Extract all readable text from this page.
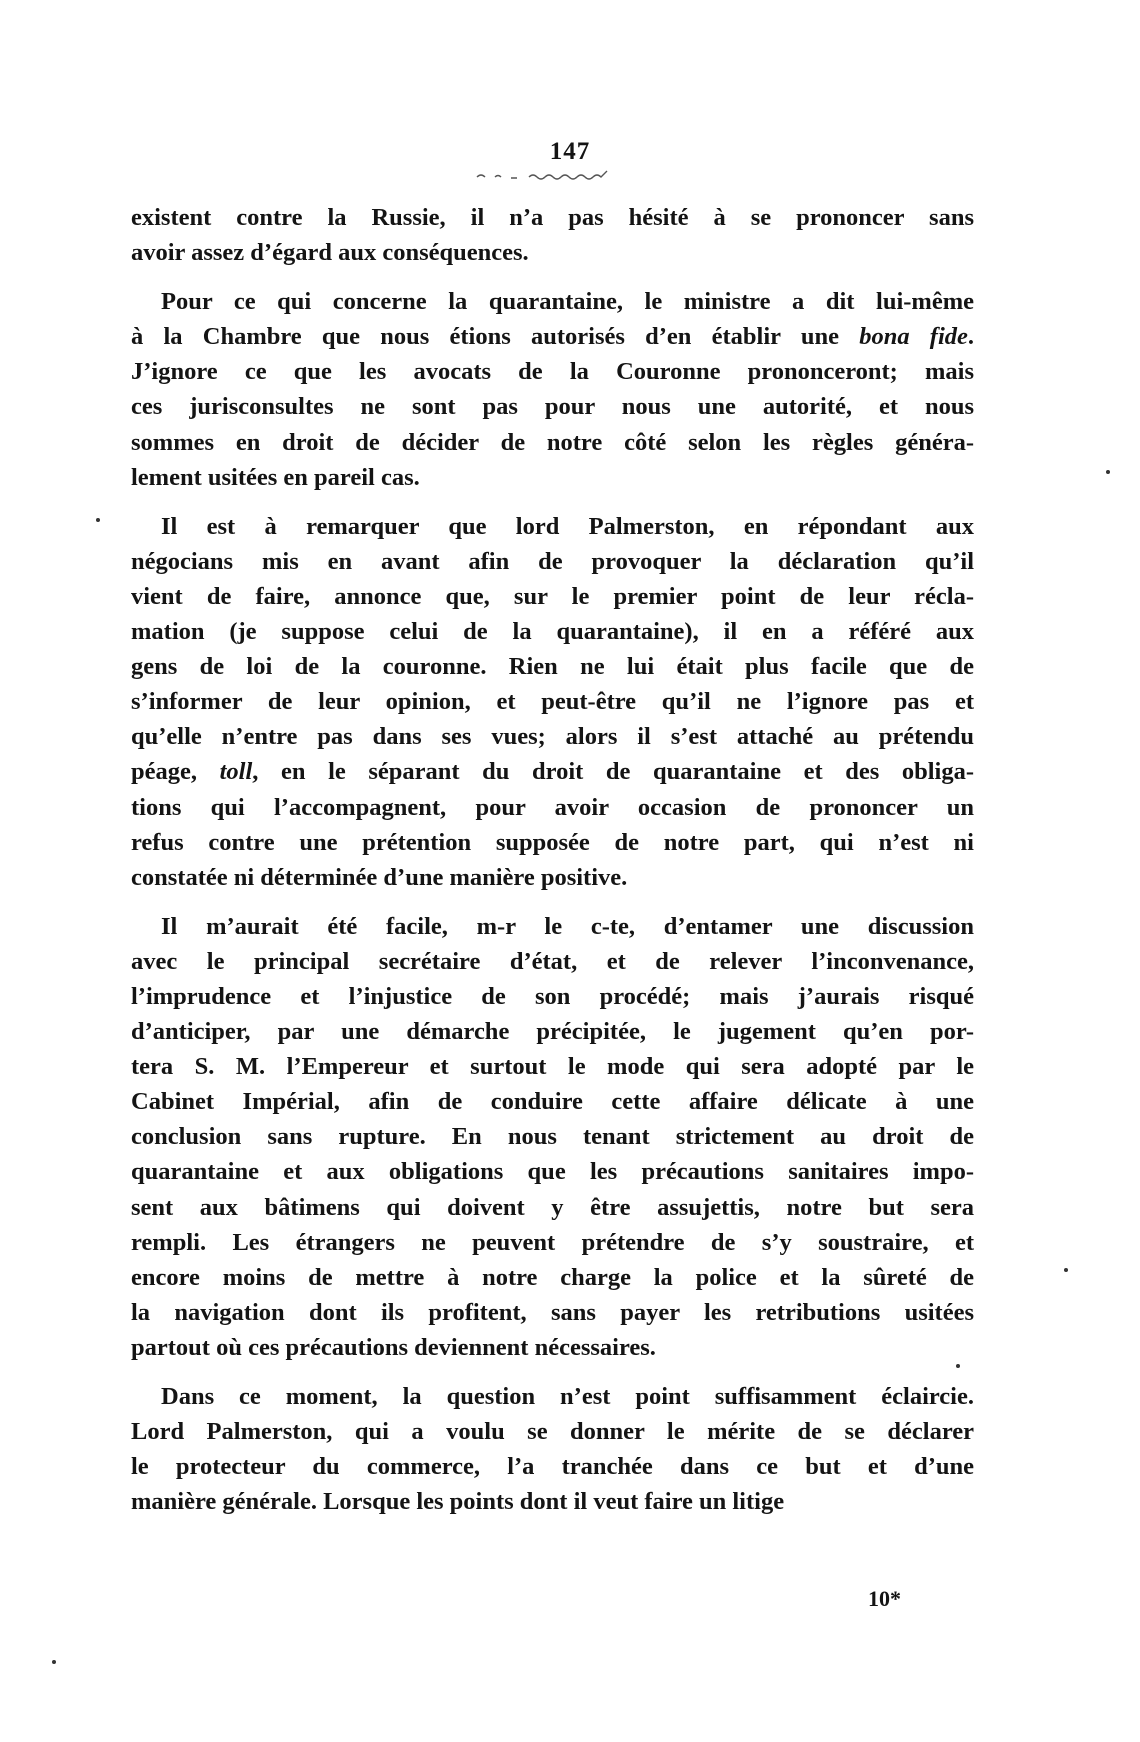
147
existent contre la Russie, il n’a pas hésité à se prononcer sans
avoir assez d’égard aux conséquences.
Pour ce qui concerne la quarantaine, le ministre a dit lui-même
à la Chambre que nous étions autorisés d’en établir une bona fide.
J’ignore ce que les avocats de la Couronne prononceront; mais
ces jurisconsultes ne sont pas pour nous une autorité, et nous
sommes en droit de décider de notre côté selon les règles généra-
lement usitées en pareil cas.
Il est à remarquer que lord Palmerston, en répondant aux
négocians mis en avant afin de provoquer la déclaration qu’il
vient de faire, annonce que, sur le premier point de leur récla-
mation (je suppose celui de la quarantaine), il en a référé aux
gens de loi de la couronne. Rien ne lui était plus facile que de
s’informer de leur opinion, et peut-être qu’il ne l’ignore pas et
qu’elle n’entre pas dans ses vues; alors il s’est attaché au prétendu
péage, toll, en le séparant du droit de quarantaine et des obliga-
tions qui l’accompagnent, pour avoir occasion de prononcer un
refus contre une prétention supposée de notre part, qui n’est ni
constatée ni déterminée d’une manière positive.
Il m’aurait été facile, m-r le c-te, d’entamer une discussion
avec le principal secrétaire d’état, et de relever l’inconvenance,
l’imprudence et l’injustice de son procédé; mais j’aurais risqué
d’anticiper, par une démarche précipitée, le jugement qu’en por-
tera S. M. l’Empereur et surtout le mode qui sera adopté par le
Cabinet Impérial, afin de conduire cette affaire délicate à une
conclusion sans rupture. En nous tenant strictement au droit de
quarantaine et aux obligations que les précautions sanitaires impo-
sent aux bâtimens qui doivent y être assujettis, notre but sera
rempli. Les étrangers ne peuvent prétendre de s’y soustraire, et
encore moins de mettre à notre charge la police et la sûreté de
la navigation dont ils profitent, sans payer les retributions usitées
partout où ces précautions deviennent nécessaires.
Dans ce moment, la question n’est point suffisamment éclaircie.
Lord Palmerston, qui a voulu se donner le mérite de se déclarer
le protecteur du commerce, l’a tranchée dans ce but et d’une
manière générale. Lorsque les points dont il veut faire un litige
10*
